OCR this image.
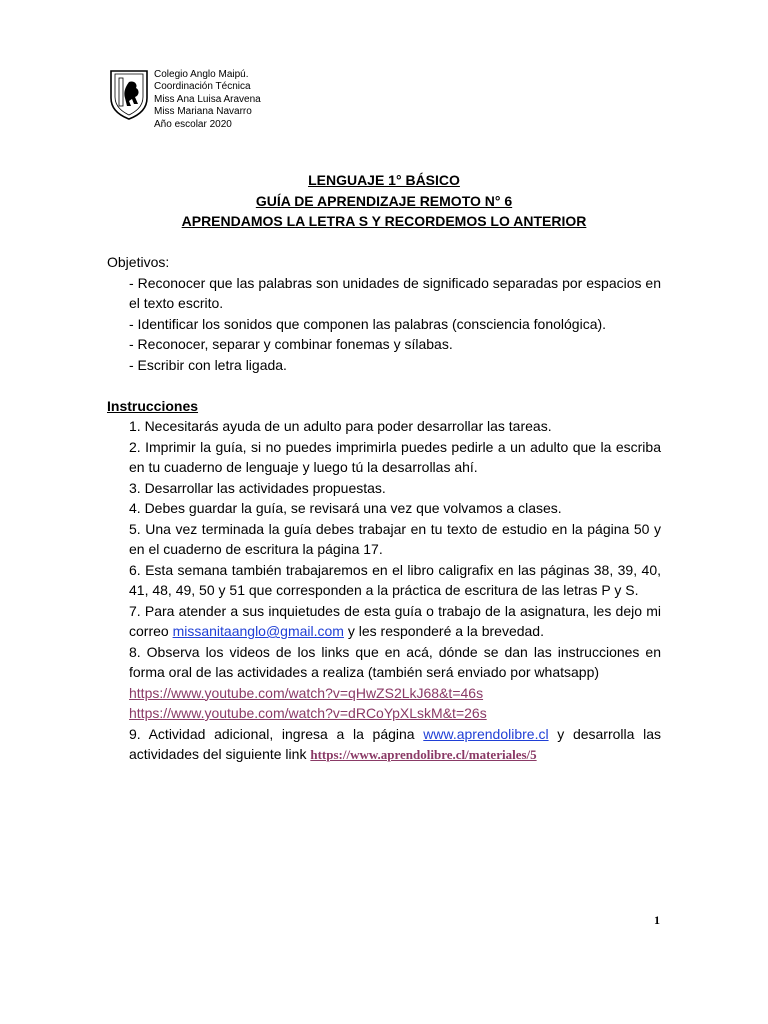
Colegio Anglo Maipú.
Coordinación Técnica
Miss Ana Luisa Aravena
Miss Mariana Navarro
Año escolar 2020
LENGUAJE 1° BÁSICO
GUÍA DE APRENDIZAJE REMOTO N° 6
APRENDAMOS LA LETRA S Y RECORDEMOS LO ANTERIOR
Objetivos:
- Reconocer que las palabras son unidades de significado separadas por espacios en el texto escrito.
- Identificar los sonidos que componen las palabras (consciencia fonológica).
- Reconocer, separar y combinar fonemas y sílabas.
- Escribir con letra ligada.
Instrucciones
1. Necesitarás ayuda de un adulto para poder desarrollar las tareas.
2. Imprimir la guía, si no puedes imprimirla puedes pedirle a un adulto que la escriba en tu cuaderno de lenguaje y luego tú la desarrollas ahí.
3. Desarrollar las actividades propuestas.
4. Debes guardar la guía, se revisará una vez que volvamos a clases.
5. Una vez terminada la guía debes trabajar en tu texto de estudio en la página 50 y en el cuaderno de escritura la página 17.
6. Esta semana también trabajaremos en el libro caligrafix en las páginas 38, 39, 40, 41, 48, 49, 50 y 51 que corresponden a la práctica de escritura de las letras P y S.
7. Para atender a sus inquietudes de esta guía o trabajo de la asignatura, les dejo mi correo missanitaanglo@gmail.com y les responderé a la brevedad.
8. Observa los videos de los links que en acá, dónde se dan las instrucciones en forma oral de las actividades a realiza (también será enviado por whatsapp)
https://www.youtube.com/watch?v=qHwZS2LkJ68&t=46s
https://www.youtube.com/watch?v=dRCoYpXLskM&t=26s
9. Actividad adicional, ingresa a la página www.aprendolibre.cl y desarrolla las actividades del siguiente link https://www.aprendolibre.cl/materiales/5
1
